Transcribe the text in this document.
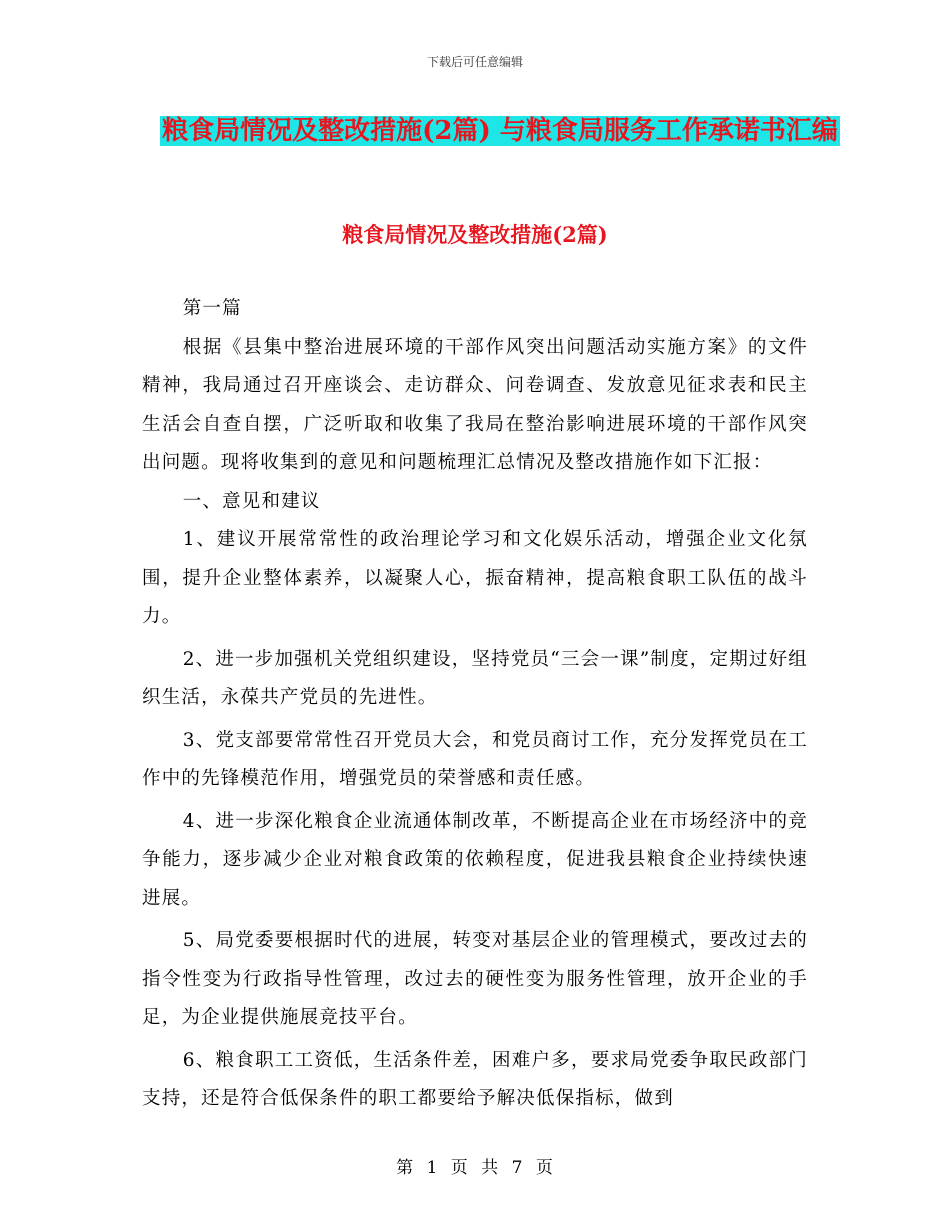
下载后可任意编辑
粮食局情况及整改措施(2篇) 与粮食局服务工作承诺书汇编
粮食局情况及整改措施(2篇)

第一篇

根据《县集中整治进展环境的干部作风突出问题活动实施方案》的文件精神，我局通过召开座谈会、走访群众、问卷调查、发放意见征求表和民主生活会自查自摆，广泛听取和收集了我局在整治影响进展环境的干部作风突出问题。现将收集到的意见和问题梳理汇总情况及整改措施作如下汇报：

一、意见和建议

1、建议开展常常性的政治理论学习和文化娱乐活动，增强企业文化氛围，提升企业整体素养，以凝聚人心，振奋精神，提高粮食职工队伍的战斗力。

2、进一步加强机关党组织建设，坚持党员“三会一课”制度，定期过好组织生活，永葆共产党员的先进性。

3、党支部要常常性召开党员大会，和党员商讨工作，充分发挥党员在工作中的先锋模范作用，增强党员的荣誉感和责任感。

4、进一步深化粮食企业流通体制改革，不断提高企业在市场经济中的竞争能力，逐步减少企业对粮食政策的依赖程度，促进我县粮食企业持续快速进展。

5、局党委要根据时代的进展，转变对基层企业的管理模式，要改过去的指令性变为行政指导性管理，改过去的硬性变为服务性管理，放开企业的手足，为企业提供施展竞技平台。

6、粮食职工工资低，生活条件差，困难户多，要求局党委争取民政部门支持，还是符合低保条件的职工都要给予解决低保指标，做到

第 1 页 共 7 页
